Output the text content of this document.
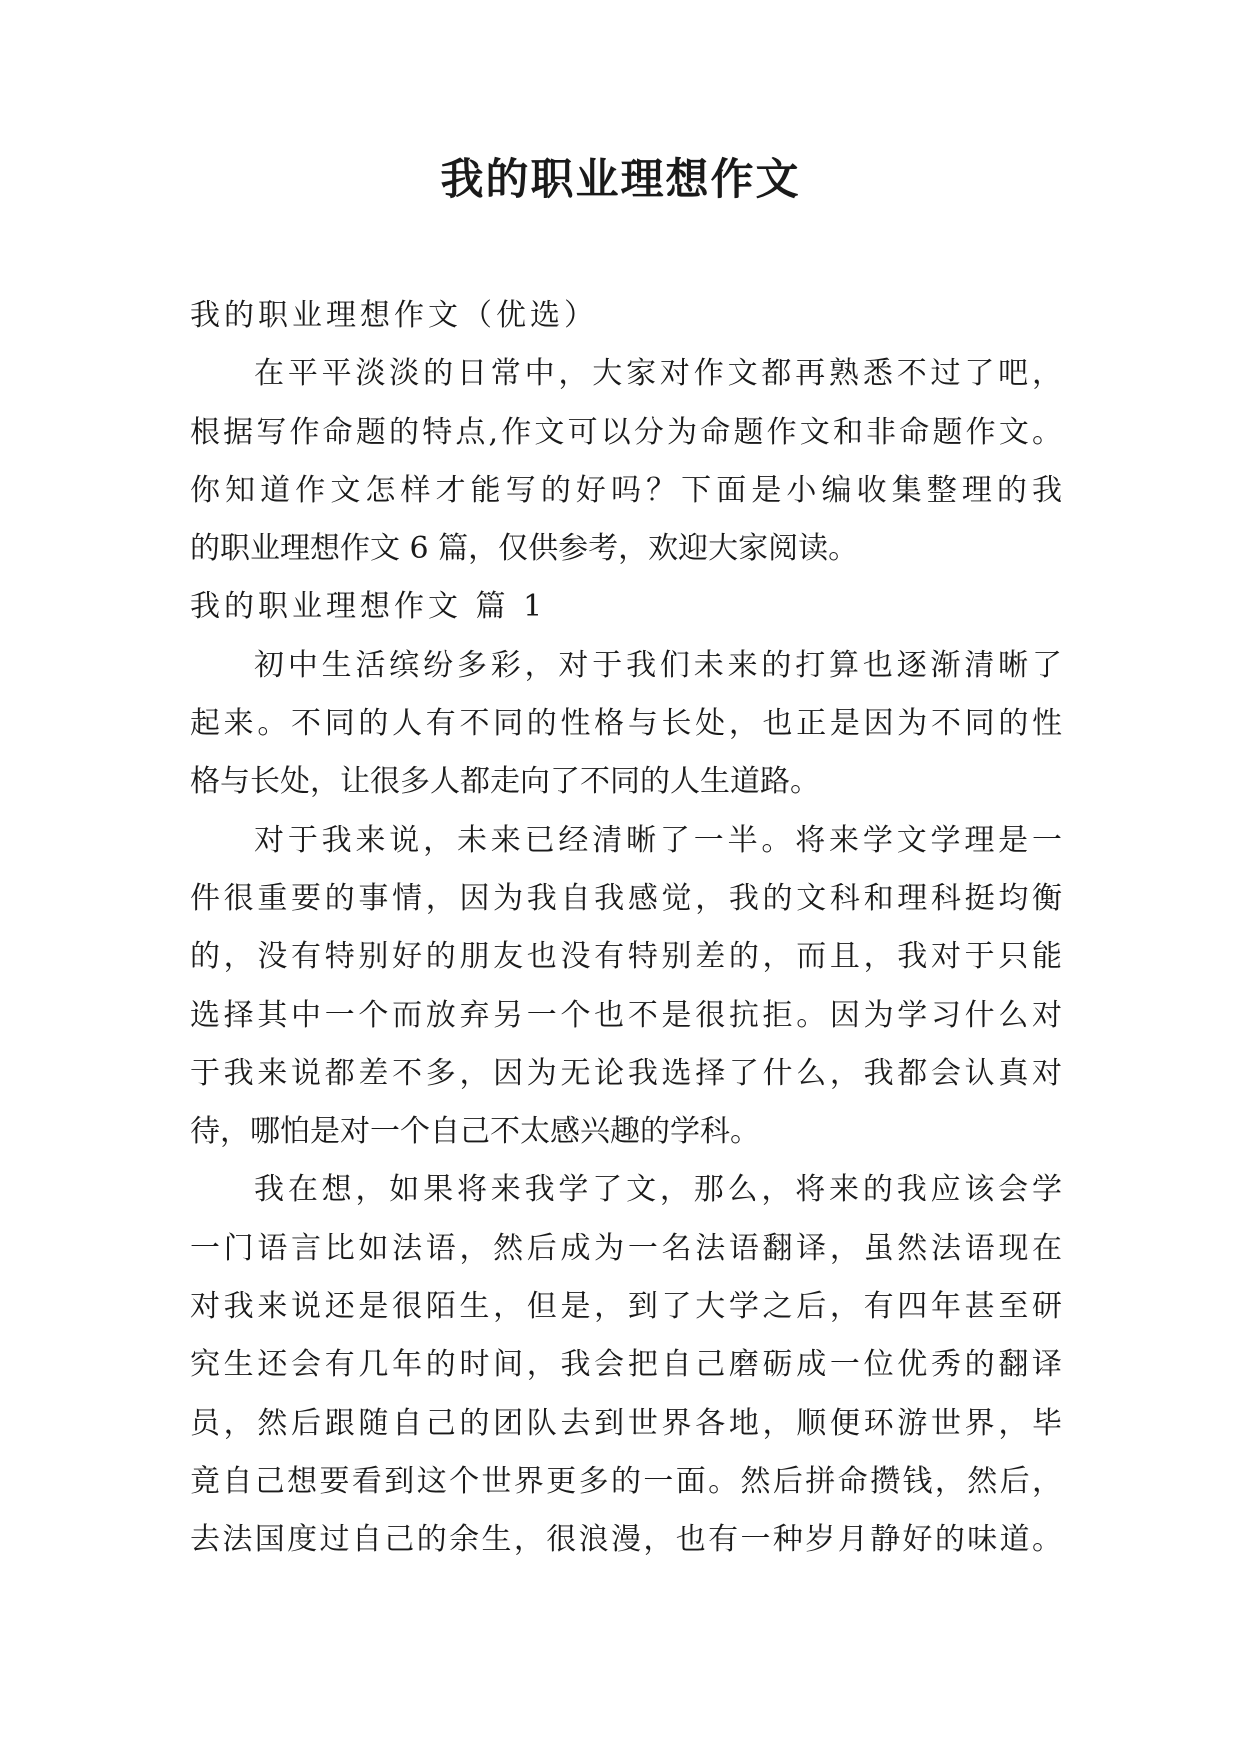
我的职业理想作文
我的职业理想作文（优选）
在平平淡淡的日常中，大家对作文都再熟悉不过了吧，
根据写作命题的特点,作文可以分为命题作文和非命题作文。
你知道作文怎样才能写的好吗？下面是小编收集整理的我
的职业理想作文 6 篇，仅供参考，欢迎大家阅读。
我的职业理想作文 篇 1
初中生活缤纷多彩，对于我们未来的打算也逐渐清晰了
起来。不同的人有不同的性格与长处，也正是因为不同的性
格与长处，让很多人都走向了不同的人生道路。
对于我来说，未来已经清晰了一半。将来学文学理是一
件很重要的事情，因为我自我感觉，我的文科和理科挺均衡
的，没有特别好的朋友也没有特别差的，而且，我对于只能
选择其中一个而放弃另一个也不是很抗拒。因为学习什么对
于我来说都差不多，因为无论我选择了什么，我都会认真对
待，哪怕是对一个自己不太感兴趣的学科。
我在想，如果将来我学了文，那么，将来的我应该会学
一门语言比如法语，然后成为一名法语翻译，虽然法语现在
对我来说还是很陌生，但是，到了大学之后，有四年甚至研
究生还会有几年的时间，我会把自己磨砺成一位优秀的翻译
员，然后跟随自己的团队去到世界各地，顺便环游世界，毕
竟自己想要看到这个世界更多的一面。然后拼命攒钱，然后，
去法国度过自己的余生，很浪漫，也有一种岁月静好的味道。
